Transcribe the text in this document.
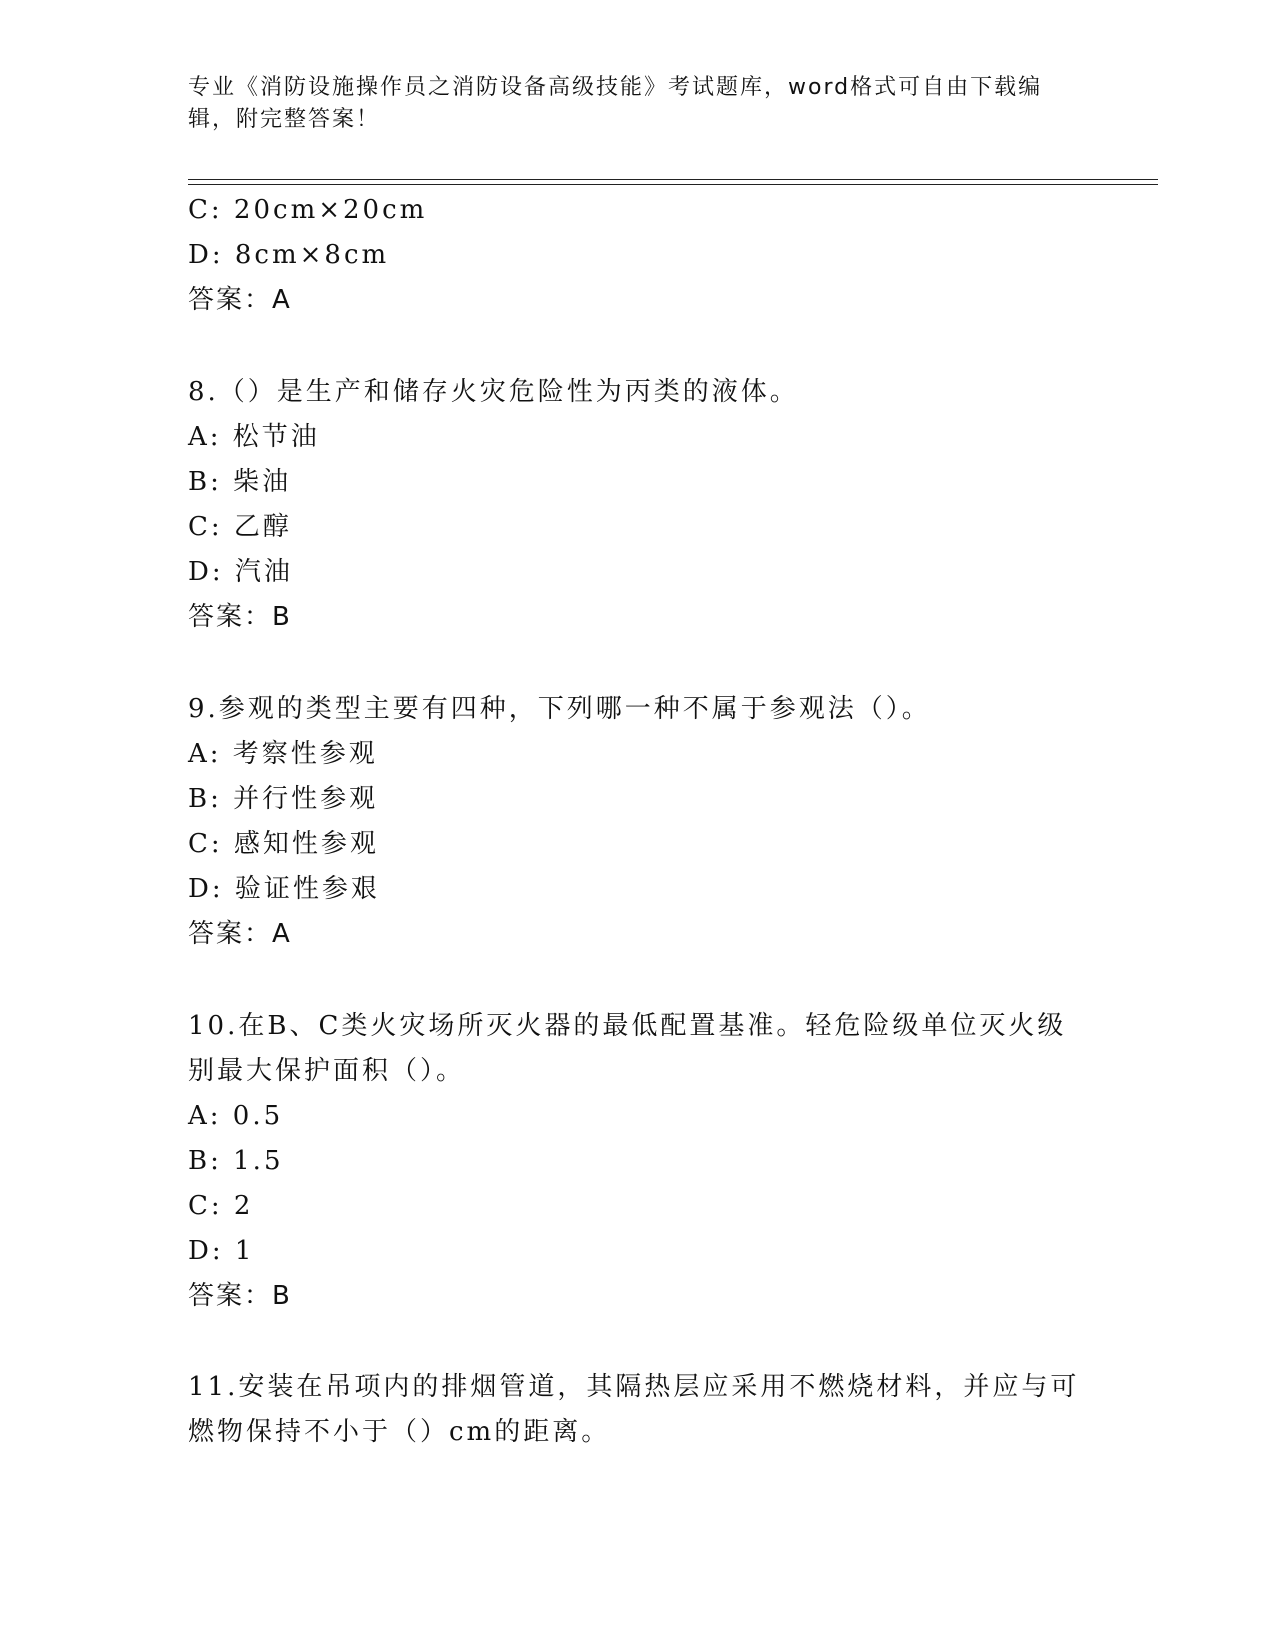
专业《消防设施操作员之消防设备高级技能》考试题库，word格式可自由下载编辑，附完整答案！
C: 20cm×20cm
D: 8cm×8cm
答案：A
8.（）是生产和储存火灾危险性为丙类的液体。
A: 松节油
B: 柴油
C: 乙醇
D: 汽油
答案：B
9.参观的类型主要有四种，下列哪一种不属于参观法（）。
A: 考察性参观
B: 并行性参观
C: 感知性参观
D: 验证性参艰
答案：A
10.在B、C类火灾场所灭火器的最低配置基准。轻危险级单位灭火级
别最大保护面积（）。
A: 0.5
B: 1.5
C: 2
D: 1
答案：B
11.安装在吊项内的排烟管道，其隔热层应采用不燃烧材料，并应与可
燃物保持不小于（）cm的距离。
